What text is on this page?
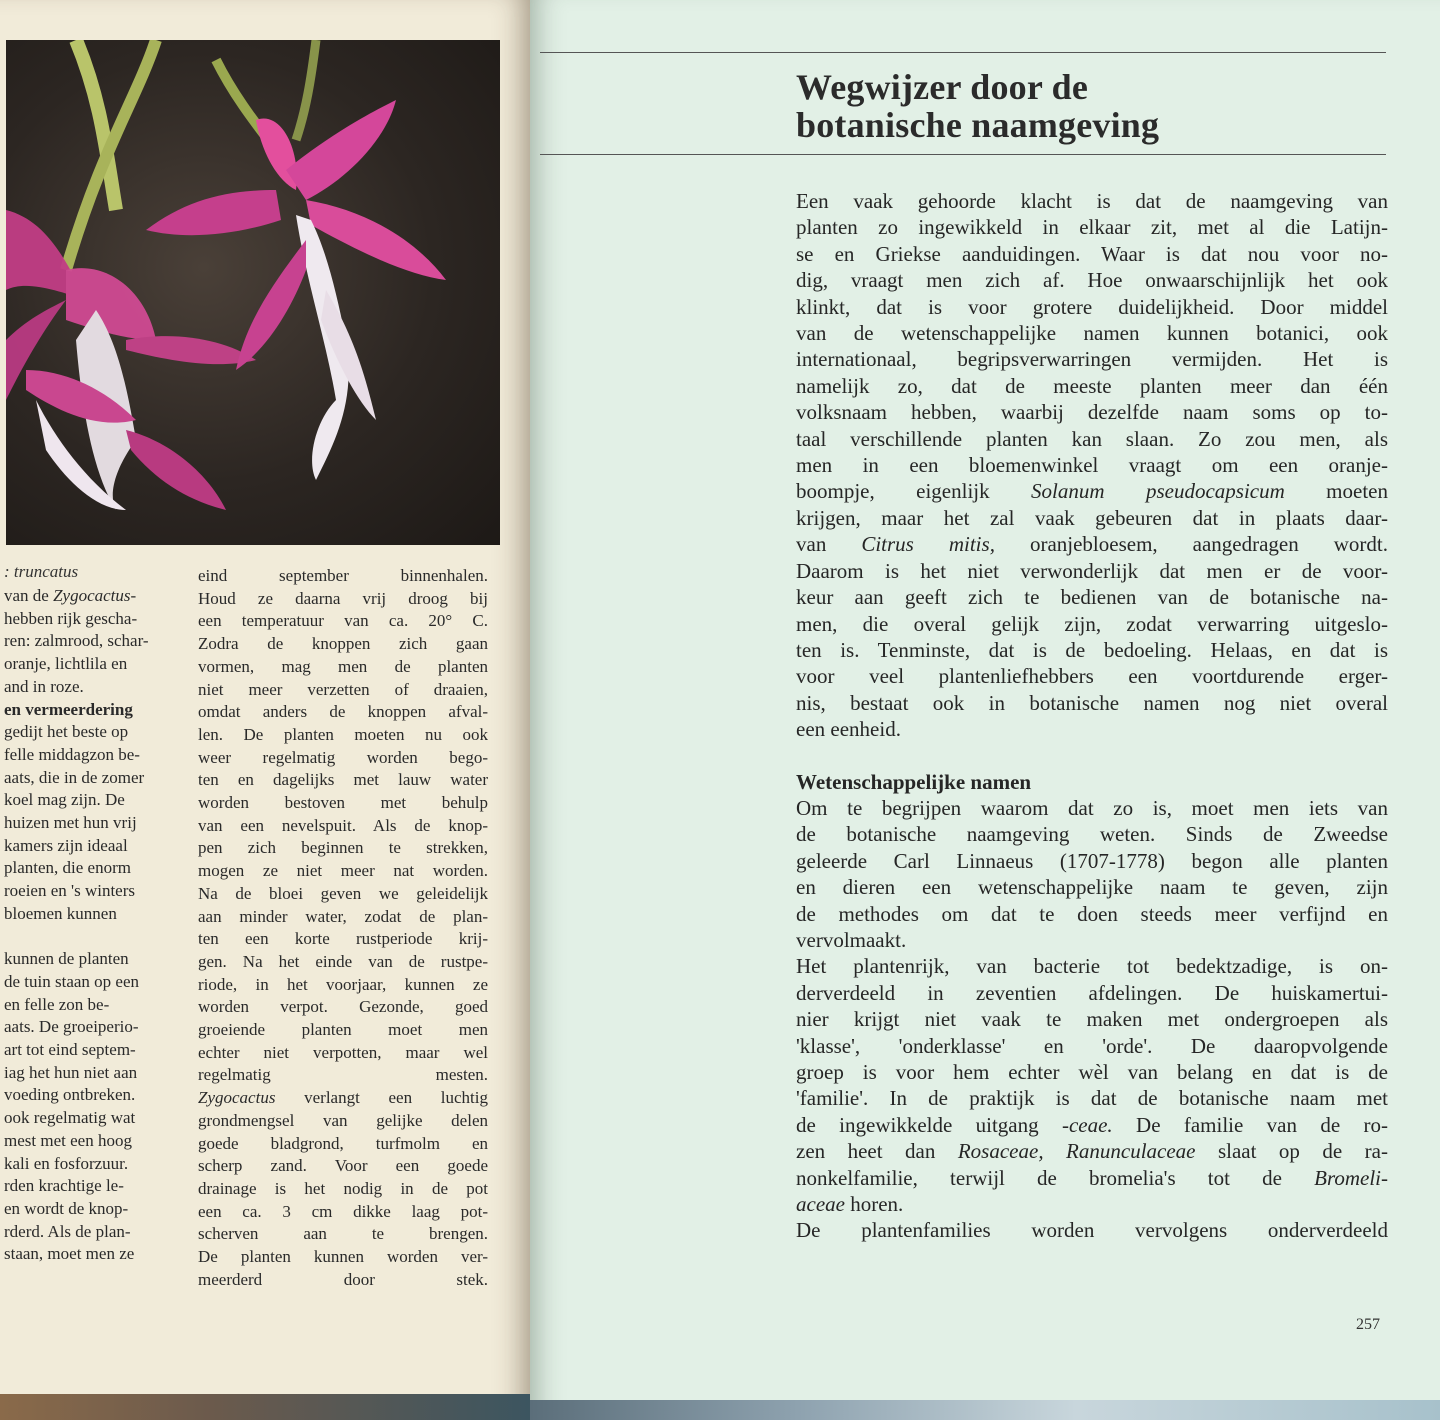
: truncatus
van de Zygocactus-
hebben rijk gescha-
ren: zalmrood, schar-
oranje, lichtlila en
and in roze.
en vermeerdering
gedijt het beste op
felle middagzon be-
aats, die in de zomer
koel mag zijn. De
huizen met hun vrij
kamers zijn ideaal
planten, die enorm
roeien en 's winters
bloemen kunnen

kunnen de planten
de tuin staan op een
en felle zon be-
aats. De groeiperio-
art tot eind septem-
iag het hun niet aan
voeding ontbreken.
ook regelmatig wat
mest met een hoog
kali en fosforzuur.
rden krachtige le-
en wordt de knop-
rderd. Als de plan-
staan, moet men ze
eind september binnenhalen.
Houd ze daarna vrij droog bij
een temperatuur van ca. 20° C.
Zodra de knoppen zich gaan
vormen, mag men de planten
niet meer verzetten of draaien,
omdat anders de knoppen afval-
len. De planten moeten nu ook
weer regelmatig worden bego-
ten en dagelijks met lauw water
worden bestoven met behulp
van een nevelspuit. Als de knop-
pen zich beginnen te strekken,
mogen ze niet meer nat worden.
Na de bloei geven we geleidelijk
aan minder water, zodat de plan-
ten een korte rustperiode krij-
gen. Na het einde van de rustpe-
riode, in het voorjaar, kunnen ze
worden verpot. Gezonde, goed
groeiende planten moet men
echter niet verpotten, maar wel
regelmatig mesten.
Zygocactus verlangt een luchtig
grondmengsel van gelijke delen
goede bladgrond, turfmolm en
scherp zand. Voor een goede
drainage is het nodig in de pot
een ca. 3 cm dikke laag pot-
scherven aan te brengen.
De planten kunnen worden ver-
meerderd door stek.
Wegwijzer door de
botanische naamgeving
Een vaak gehoorde klacht is dat de naamgeving van
planten zo ingewikkeld in elkaar zit, met al die Latijn-
se en Griekse aanduidingen. Waar is dat nou voor no-
dig, vraagt men zich af. Hoe onwaarschijnlijk het ook
klinkt, dat is voor grotere duidelijkheid. Door middel
van de wetenschappelijke namen kunnen botanici, ook
internationaal, begripsverwarringen vermijden. Het is
namelijk zo, dat de meeste planten meer dan één
volksnaam hebben, waarbij dezelfde naam soms op to-
taal verschillende planten kan slaan. Zo zou men, als
men in een bloemenwinkel vraagt om een oranje-
boompje, eigenlijk Solanum pseudocapsicum moeten
krijgen, maar het zal vaak gebeuren dat in plaats daar-
van Citrus mitis, oranjebloesem, aangedragen wordt.
Daarom is het niet verwonderlijk dat men er de voor-
keur aan geeft zich te bedienen van de botanische na-
men, die overal gelijk zijn, zodat verwarring uitgeslo-
ten is. Tenminste, dat is de bedoeling. Helaas, en dat is
voor veel plantenliefhebbers een voortdurende erger-
nis, bestaat ook in botanische namen nog niet overal
een eenheid.
Wetenschappelijke namen
Om te begrijpen waarom dat zo is, moet men iets van
de botanische naamgeving weten. Sinds de Zweedse
geleerde Carl Linnaeus (1707-1778) begon alle planten
en dieren een wetenschappelijke naam te geven, zijn
de methodes om dat te doen steeds meer verfijnd en
vervolmaakt.
Het plantenrijk, van bacterie tot bedektzadige, is on-
derverdeeld in zeventien afdelingen. De huiskamertui-
nier krijgt niet vaak te maken met ondergroepen als
'klasse', 'onderklasse' en 'orde'. De daaropvolgende
groep is voor hem echter wèl van belang en dat is de
'familie'. In de praktijk is dat de botanische naam met
de ingewikkelde uitgang -ceae. De familie van de ro-
zen heet dan Rosaceae, Ranunculaceae slaat op de ra-
nonkelfamilie, terwijl de bromelia's tot de Bromeli-
aceae horen.
De plantenfamilies worden vervolgens onderverdeeld
257
